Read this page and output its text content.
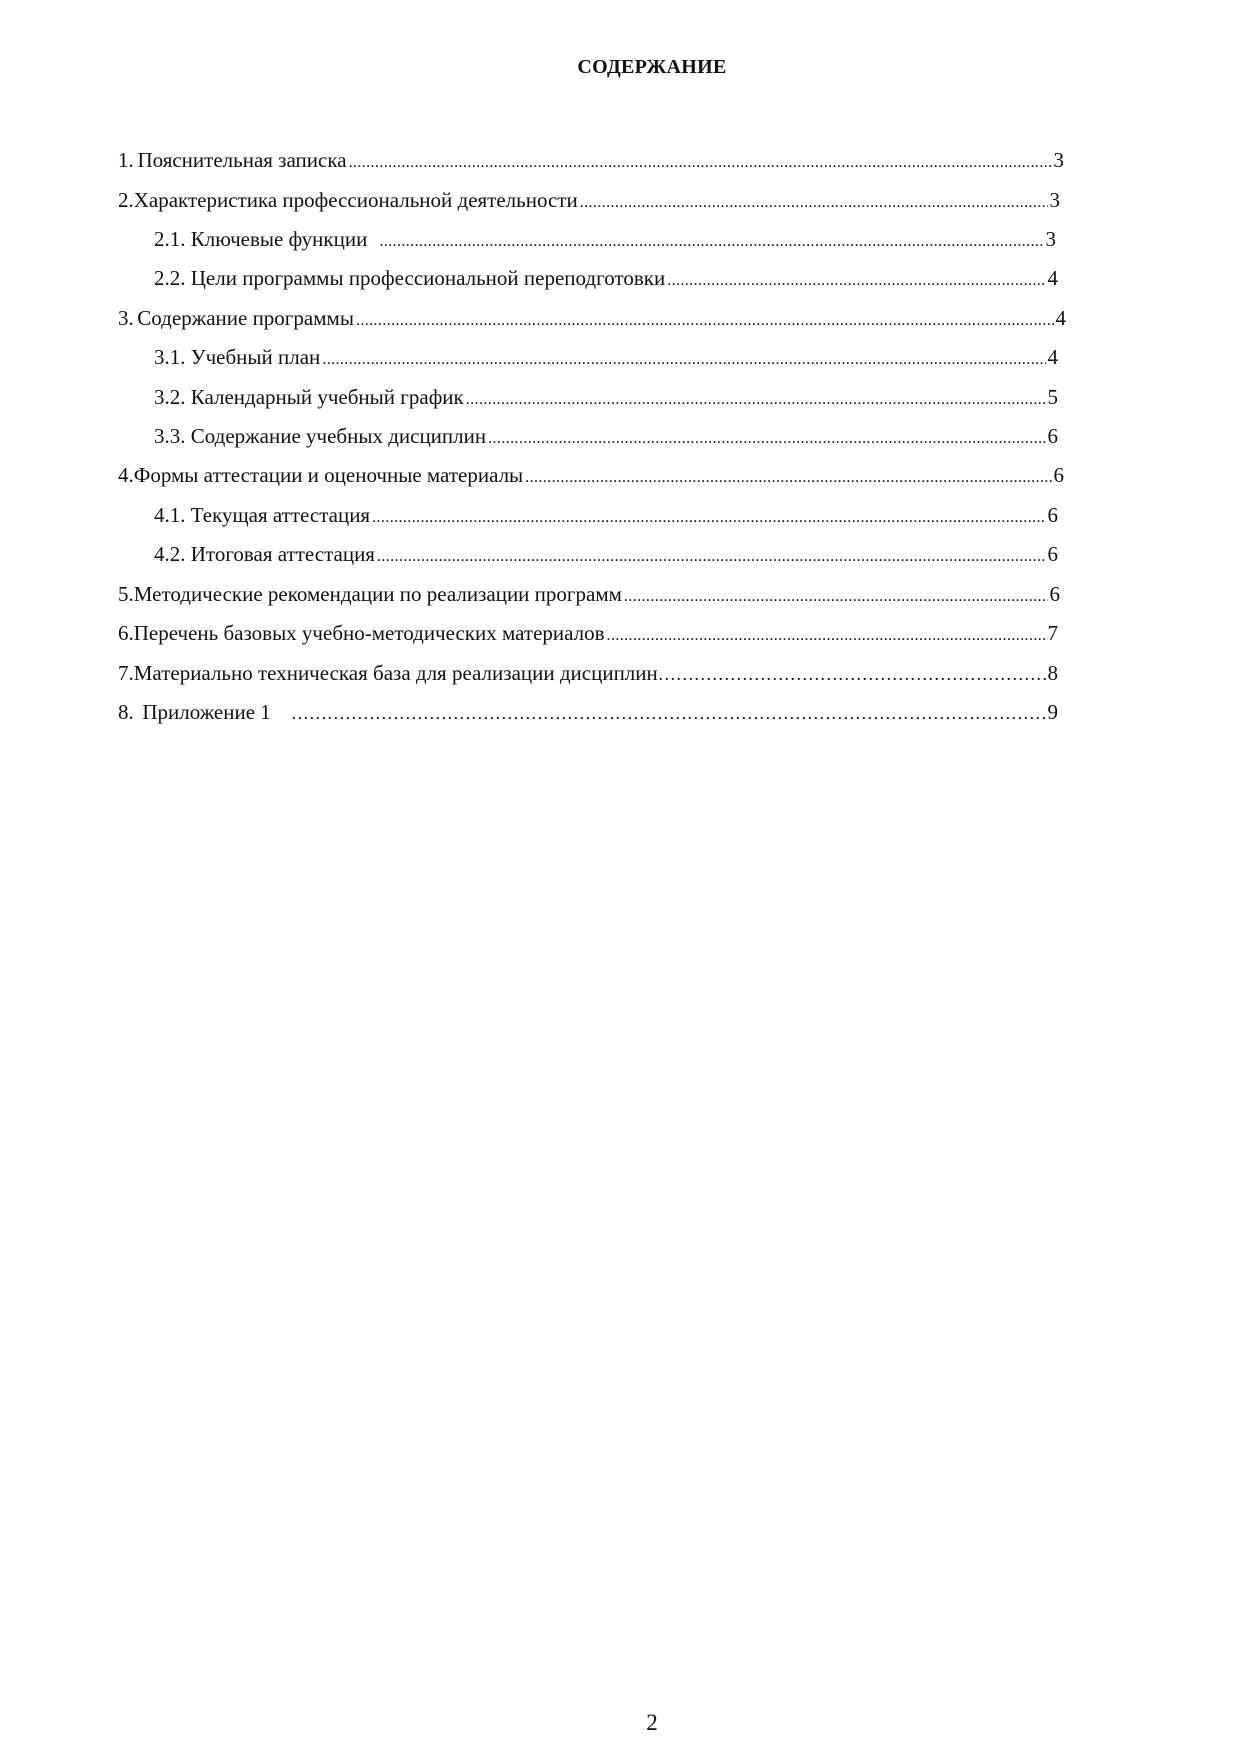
СОДЕРЖАНИЕ
1. Пояснительная записка .....	3
2. Характеристика профессиональной деятельности .....	3
2.1. Ключевые функции .....	3
2.2. Цели программы профессиональной переподготовки .....	4
3. Содержание программы .....	4
3.1. Учебный план .....	4
3.2. Календарный учебный график .....	5
3.3. Содержание учебных дисциплин .....	6
4. Формы аттестации и оценочные материалы .....	6
4.1. Текущая аттестация .....	6
4.2. Итоговая аттестация .....	6
5. Методические рекомендации по реализации программ .....	6
6. Перечень базовых учебно-методических материалов .....	7
7. Материально техническая база для реализации дисциплин ……………………………………………………………………………………………………………………………………………………………………	8
8. Приложение 1 ……………………………………………………………………………………………………………………………………………………………………	9
2
